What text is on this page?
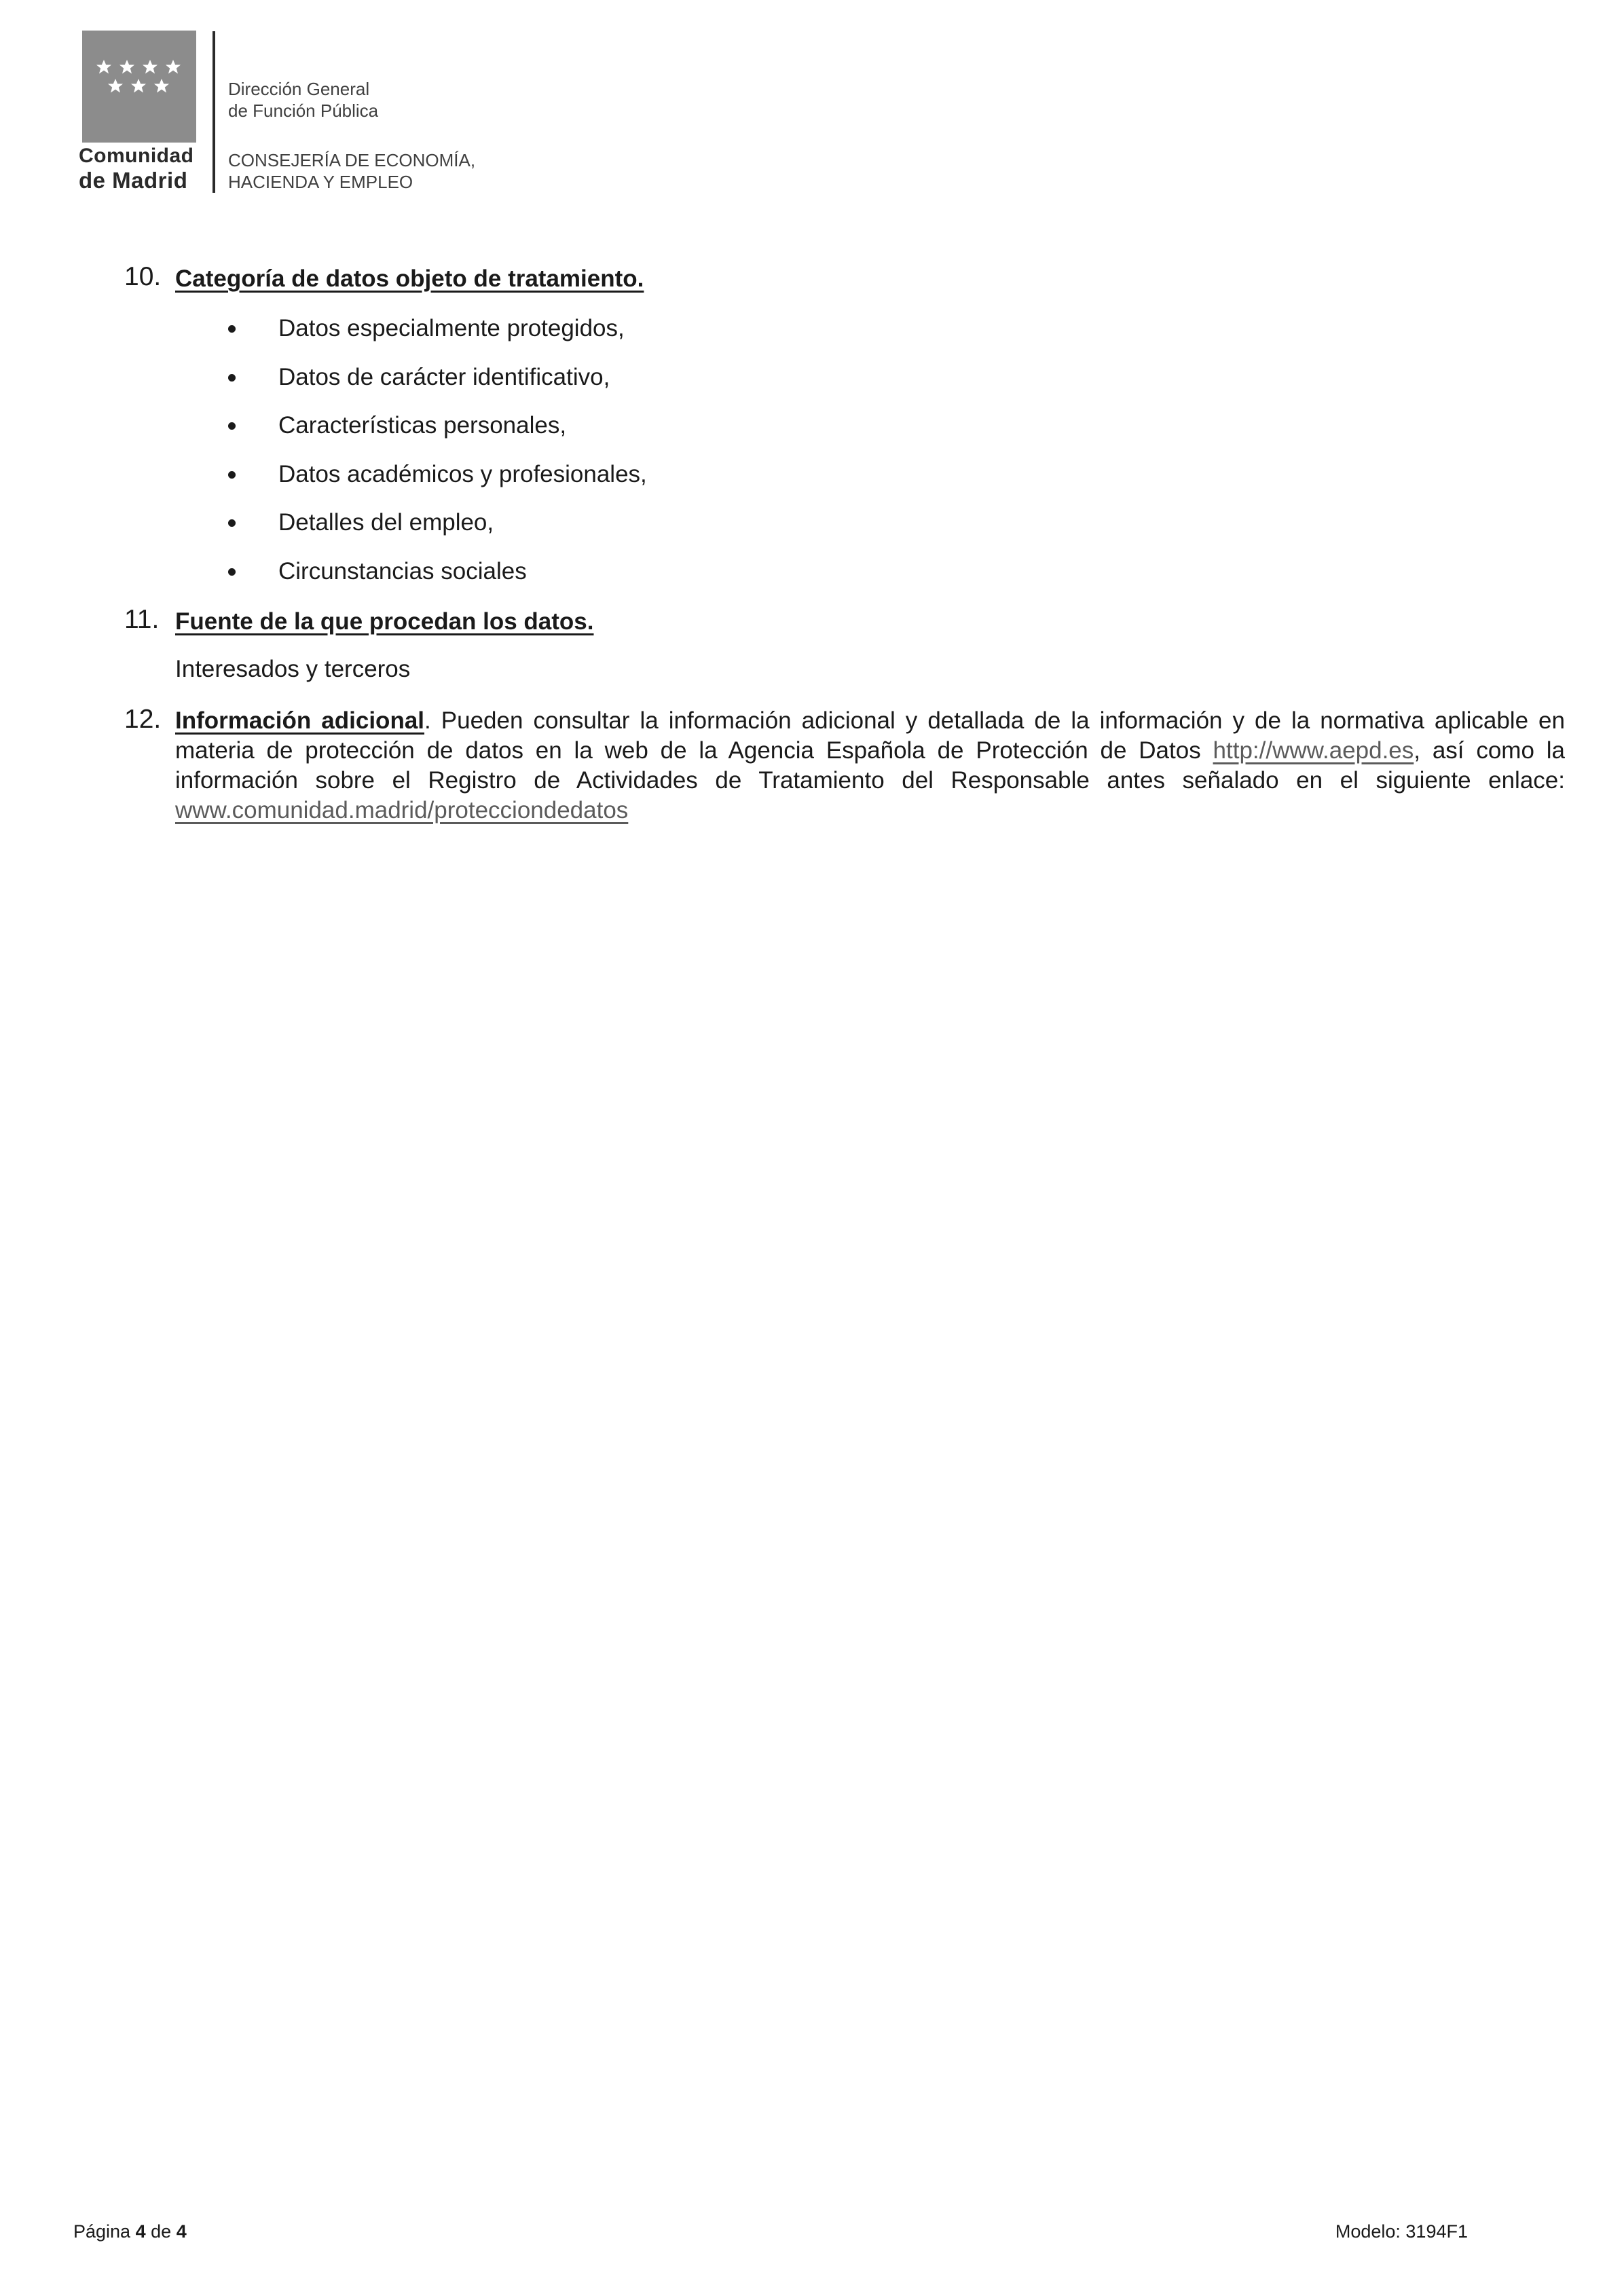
Comunidad
de Madrid
Dirección General
de Función Pública
CONSEJERÍA DE ECONOMÍA,
HACIENDA Y EMPLEO
10. Categoría de datos objeto de tratamiento.
Datos especialmente protegidos,
Datos de carácter identificativo,
Características personales,
Datos académicos y profesionales,
Detalles del empleo,
Circunstancias sociales
11. Fuente de la que procedan los datos.
Interesados y terceros
12. Información adicional. Pueden consultar la información adicional y detallada de la información y de la normativa aplicable en materia de protección de datos en la web de la Agencia Española de Protección de Datos http://www.aepd.es, así como la información sobre el Registro de Actividades de Tratamiento del Responsable antes señalado en el siguiente enlace: www.comunidad.madrid/protecciondedatos

Página 4 de 4	Modelo: 3194F1
